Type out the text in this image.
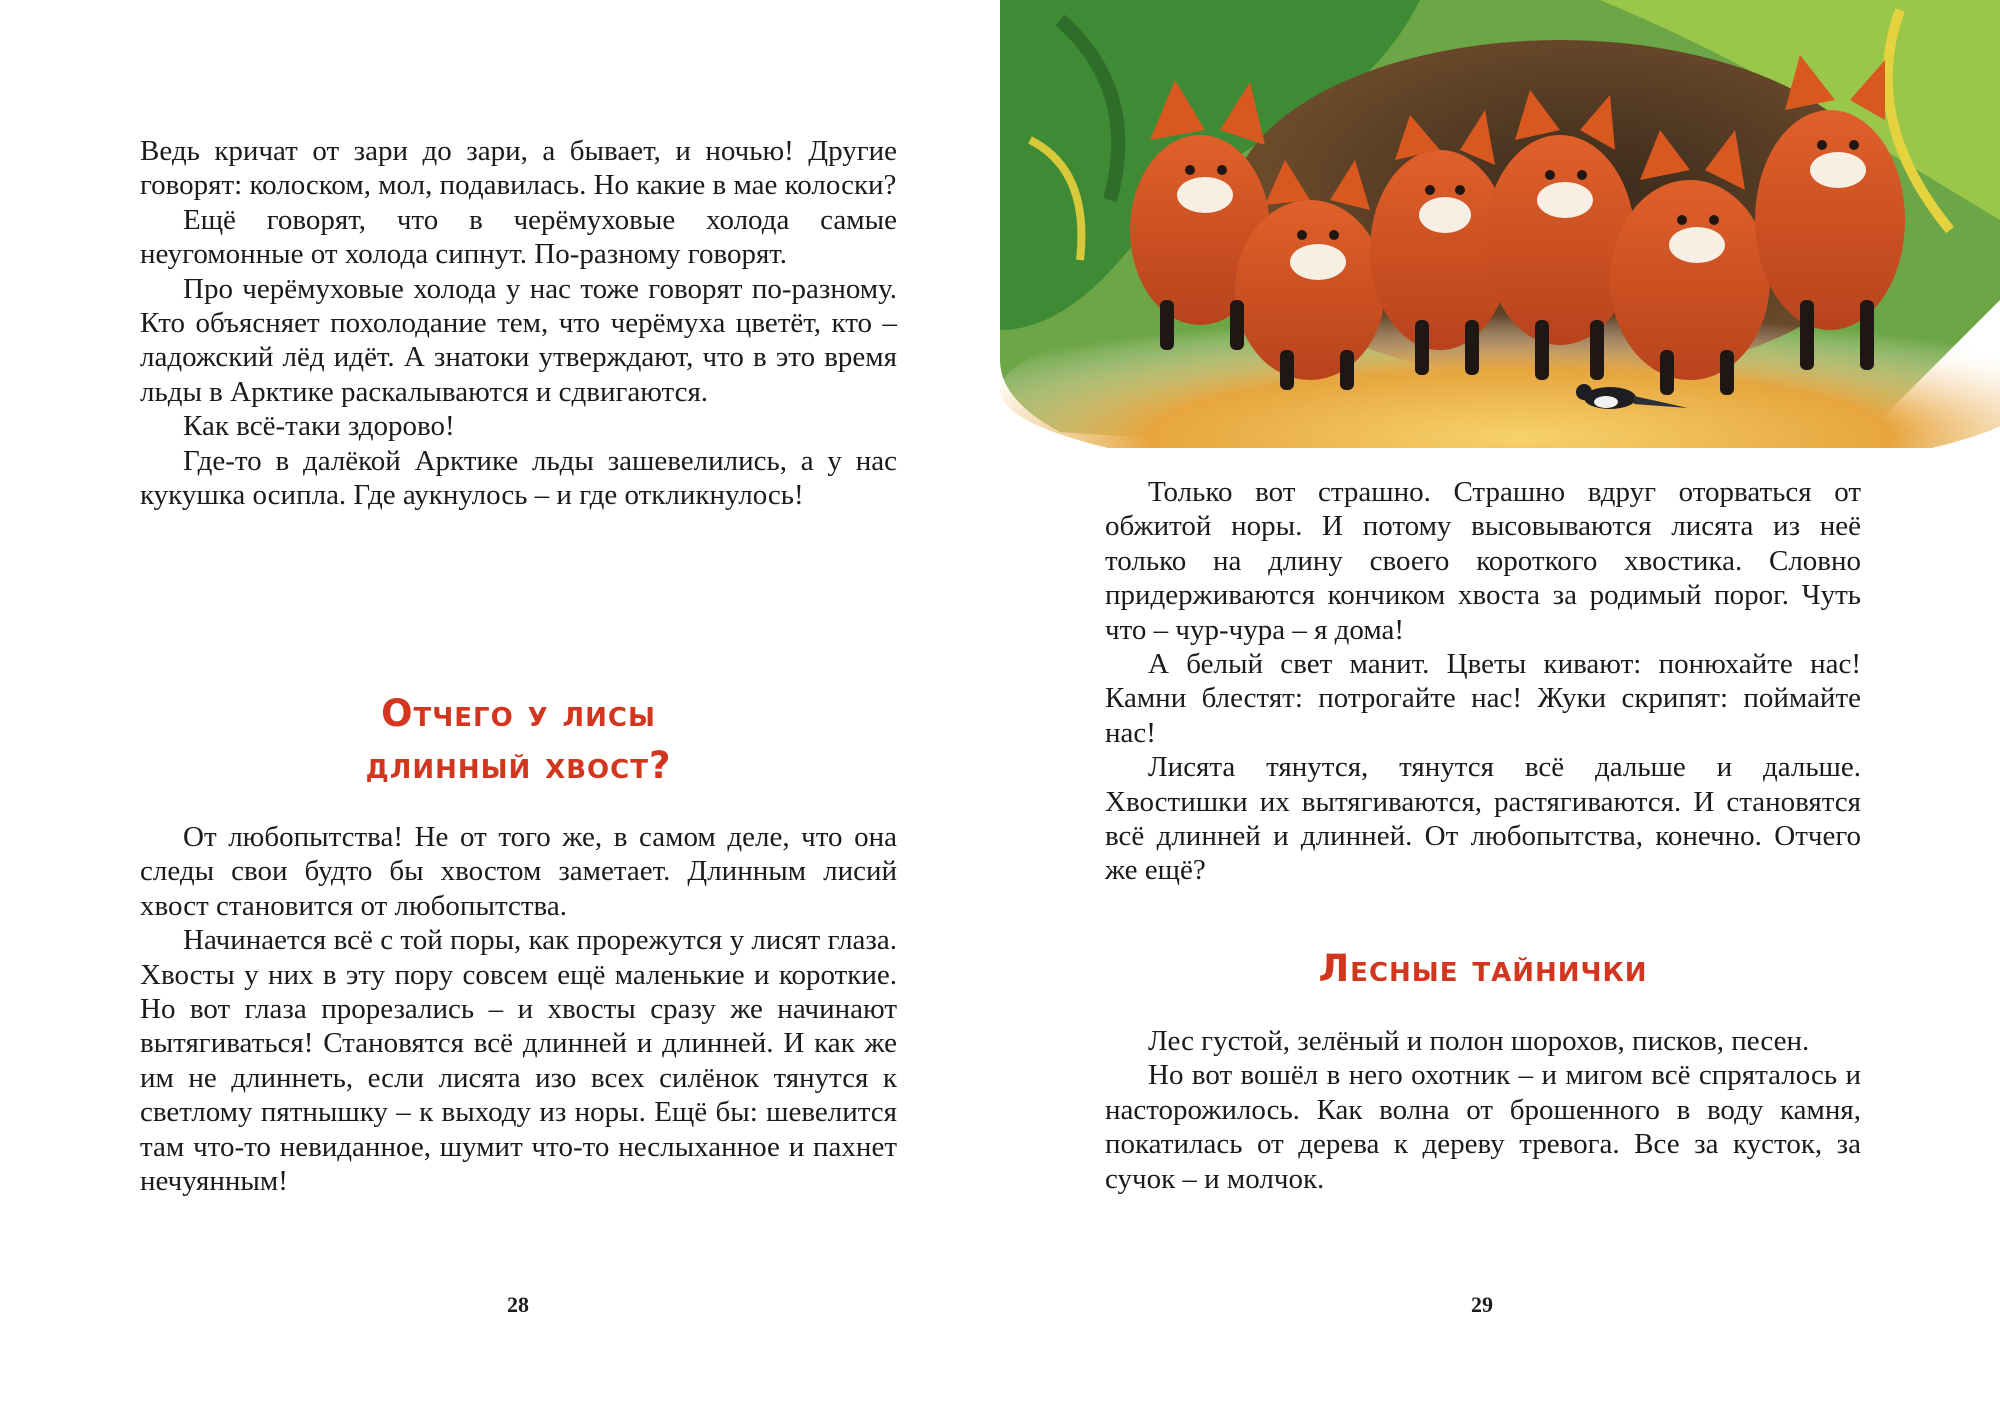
Ведь кричат от зари до зари, а бывает, и ночью! Другие говорят: колоском, мол, подавилась. Но какие в мае колоски?

Ещё говорят, что в черёмуховые холода самые неугомонные от холода сипнут. По-разному говорят.

Про черёмуховые холода у нас тоже говорят по-разному. Кто объясняет похолодание тем, что черёмуха цветёт, кто – ладожский лёд идёт. А знатоки утверждают, что в это время льды в Арктике раскалываются и сдвигаются.

Как всё-таки здорово!

Где-то в далёкой Арктике льды зашевелились, а у нас кукушка осипла. Где аукнулось – и где откликнулось!

Отчего у лисы
длинный хвост?

От любопытства! Не от того же, в самом деле, что она следы свои будто бы хвостом заметает. Длинным лисий хвост становится от любопытства.

Начинается всё с той поры, как прорежутся у лисят глаза. Хвосты у них в эту пору совсем ещё маленькие и короткие. Но вот глаза прорезались – и хвосты сразу же начинают вытягиваться! Становятся всё длинней и длинней. И как же им не длиннеть, если лисята изо всех силёнок тянутся к светлому пятнышку – к выходу из норы. Ещё бы: шевелится там что-то невиданное, шумит что-то неслыханное и пахнет нечуянным!

28

Только вот страшно. Страшно вдруг оторваться от обжитой норы. И потому высовываются лисята из неё только на длину своего короткого хвостика. Словно придерживаются кончиком хвоста за родимый порог. Чуть что – чур-чура – я дома!

А белый свет манит. Цветы кивают: понюхайте нас! Камни блестят: потрогайте нас! Жуки скрипят: поймайте нас!

Лисята тянутся, тянутся всё дальше и дальше. Хвостишки их вытягиваются, растягиваются. И становятся всё длинней и длинней. От любопытства, конечно. Отчего же ещё?

Лесные тайнички

Лес густой, зелёный и полон шорохов, писков, песен.

Но вот вошёл в него охотник – и мигом всё спряталось и насторожилось. Как волна от брошенного в воду камня, покатилась от дерева к дереву тревога. Все за кусток, за сучок – и молчок.

29
